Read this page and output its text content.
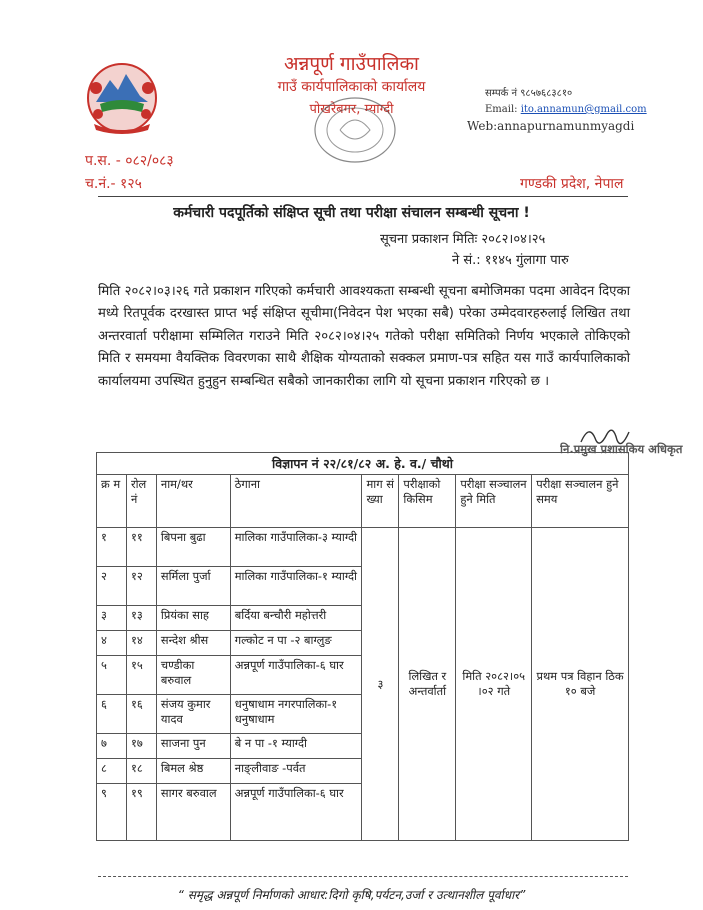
अन्नपूर्ण गाउँपालिका
गाउँ कार्यपालिकाको कार्यालय
पोखरेबगर, म्याग्दी
सम्पर्क नं ९८५७६८३८१०
Email: ito.annamun@gmail.com
Web:annapurnamunmyagdi
प.स. - ०८२/०८३
च.नं.- १२५	गण्डकी प्रदेश, नेपाल
कर्मचारी पदपूर्तिको संक्षिप्त सूची तथा परीक्षा संचालन सम्बन्धी सूचना !
सूचना प्रकाशन मितिः २०८२।०४।२५
ने सं.: ११४५ गुंलागा पारु
मिति २०८२।०३।२६ गते प्रकाशन गरिएको कर्मचारी आवश्यकता सम्बन्धी सूचना बमोजिमका पदमा आवेदन दिएका मध्ये रितपूर्वक दरखास्त प्राप्त भई संक्षिप्त सूचीमा(निवेदन पेश भएका सबै) परेका उम्मेदवारहरुलाई लिखित तथा अन्तरवार्ता परीक्षामा सम्मिलित गराउने मिति २०८२।०४।२५ गतेको परीक्षा समितिको निर्णय भएकाले तोकिएको मिति र समयमा वैयक्तिक विवरणका साथै शैक्षिक योग्यताको सक्कल प्रमाण-पत्र सहित यस गाउँ कार्यपालिकाको कार्यालयमा उपस्थित हुनुहुन सम्बन्धित सबैको जानकारीका लागि यो सूचना प्रकाशन गरिएको छ ।
नि.प्रमुख प्रशासकिय अधिकृत
विज्ञापन नं २२/८१/८२ अ. हे. व./ चौथो							
क्र म	रोल नं	नाम/थर	ठेगाना	माग सं ख्या	परीक्षाको किसिम	परीक्षा सञ्चालन हुने मिति	परीक्षा सञ्चालन हुने समय
१	११	बिपना बुढा	मालिका गाउँपालिका-३ म्याग्दी	३	लिखित र अन्तर्वार्ता	मिति २०८२।०५ ।०२ गते	प्रथम पत्र विहान ठिक १० बजे
२	१२	सर्मिला पुर्जा	मालिका गाउँपालिका-१ म्याग्दी				
३	१३	प्रियंका साह	बर्दिया बन्चौरी महोत्तरी				
४	१४	सन्देश श्रीस	गल्कोट न पा -२ बाग्लुङ				
५	१५	चण्डीका बरुवाल	अन्नपूर्ण गाउँपालिका-६ घार				
६	१६	संजय कुमार यादव	धनुषाधाम नगरपालिका-१ धनुषाधाम				
७	१७	साजना पुन	बे न पा -१ म्याग्दी				
८	१८	बिमल श्रेष्ठ	नाङ्लीवाङ -पर्वत				
९	१९	सागर बरुवाल	अन्नपूर्ण गाउँपालिका-६ घार				
“ समृद्ध अन्नपूर्ण निर्माणको आधार:दिगो कृषि,पर्यटन,उर्जा र उत्थानशील पूर्वाधार”
